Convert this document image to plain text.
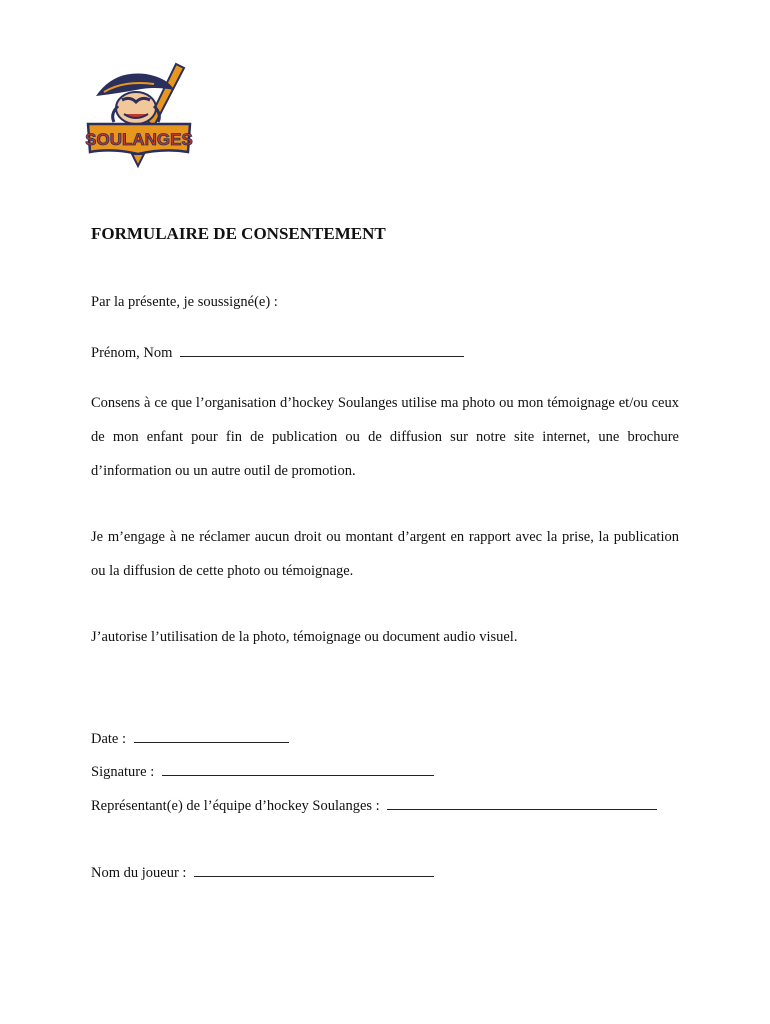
SOULANGES
FORMULAIRE DE CONSENTEMENT
Par la présente, je soussigné(e) :
Prénom, Nom

Consens à ce que l’organisation d’hockey Soulanges utilise ma photo ou mon témoignage et/ou ceux de mon enfant pour fin de publication ou de diffusion sur notre site internet, une brochure d’information ou un autre outil de promotion.

Je m’engage à ne réclamer aucun droit ou montant d’argent en rapport avec la prise, la publication ou la diffusion de cette photo ou témoignage.

J’autorise l’utilisation de la photo, témoignage ou document audio visuel.

Date :
Signature :
Représentant(e) de l’équipe d’hockey Soulanges :
Nom du joueur :
